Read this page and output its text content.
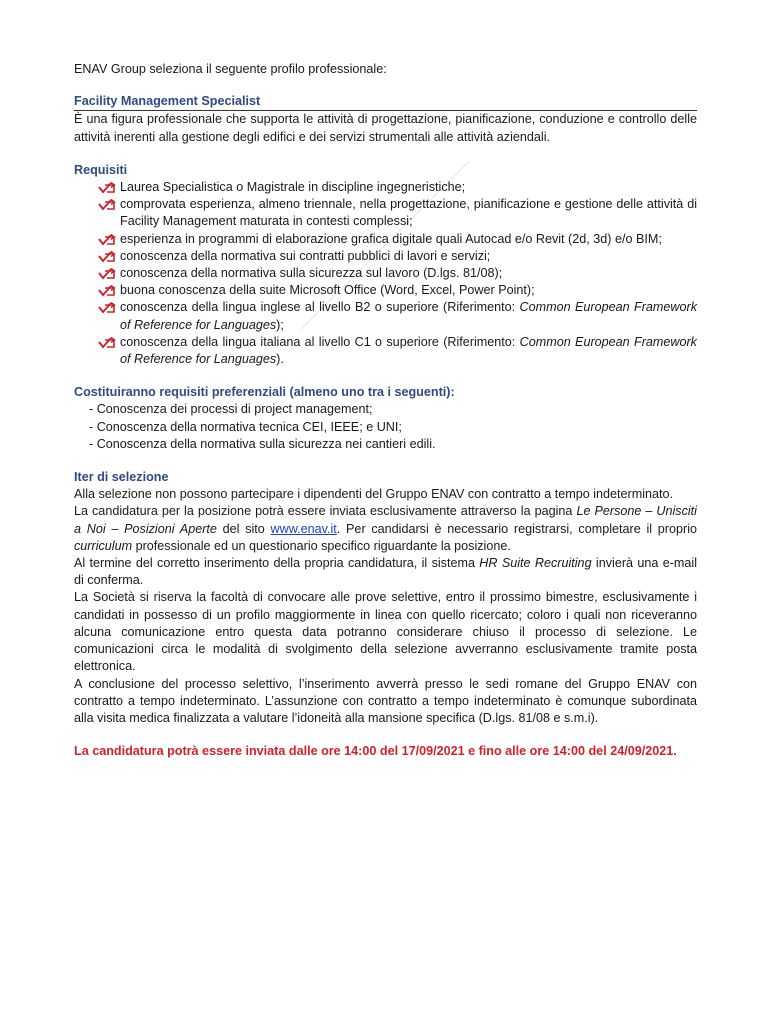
ENAV Group seleziona il seguente profilo professionale:

Facility Management Specialist

È una figura professionale che supporta le attività di progettazione, pianificazione, conduzione e controllo delle attività inerenti alla gestione degli edifici e dei servizi strumentali alle attività aziendali.

Requisiti

Laurea Specialistica o Magistrale in discipline ingegneristiche;
comprovata esperienza, almeno triennale, nella progettazione, pianificazione e gestione delle attività di Facility Management maturata in contesti complessi;
esperienza in programmi di elaborazione grafica digitale quali Autocad e/o Revit (2d, 3d) e/o BIM;
conoscenza della normativa sui contratti pubblici di lavori e servizi;
conoscenza della normativa sulla sicurezza sul lavoro (D.lgs. 81/08);
buona conoscenza della suite Microsoft Office (Word, Excel, Power Point);
conoscenza della lingua inglese al livello B2 o superiore (Riferimento: Common European Framework of Reference for Languages);
conoscenza della lingua italiana al livello C1 o superiore (Riferimento: Common European Framework of Reference for Languages).

Costituiranno requisiti preferenziali (almeno uno tra i seguenti):

- Conoscenza dei processi di project management;
- Conoscenza della normativa tecnica CEI, IEEE; e UNI;
- Conoscenza della normativa sulla sicurezza nei cantieri edili.

Iter di selezione

Alla selezione non possono partecipare i dipendenti del Gruppo ENAV con contratto a tempo indeterminato.

La candidatura per la posizione potrà essere inviata esclusivamente attraverso la pagina Le Persone – Unisciti a Noi – Posizioni Aperte del sito www.enav.it. Per candidarsi è necessario registrarsi, completare il proprio curriculum professionale ed un questionario specifico riguardante la posizione.

Al termine del corretto inserimento della propria candidatura, il sistema HR Suite Recruiting invierà una e-mail di conferma.

La Società si riserva la facoltà di convocare alle prove selettive, entro il prossimo bimestre, esclusivamente i candidati in possesso di un profilo maggiormente in linea con quello ricercato; coloro i quali non riceveranno alcuna comunicazione entro questa data potranno considerare chiuso il processo di selezione. Le comunicazioni circa le modalità di svolgimento della selezione avverranno esclusivamente tramite posta elettronica.

A conclusione del processo selettivo, l’inserimento avverrà presso le sedi romane del Gruppo ENAV con contratto a tempo indeterminato. L’assunzione con contratto a tempo indeterminato è comunque subordinata alla visita medica finalizzata a valutare l’idoneità alla mansione specifica (D.lgs. 81/08 e s.m.i).

La candidatura potrà essere inviata dalle ore 14:00 del 17/09/2021 e fino alle ore 14:00 del 24/09/2021.
